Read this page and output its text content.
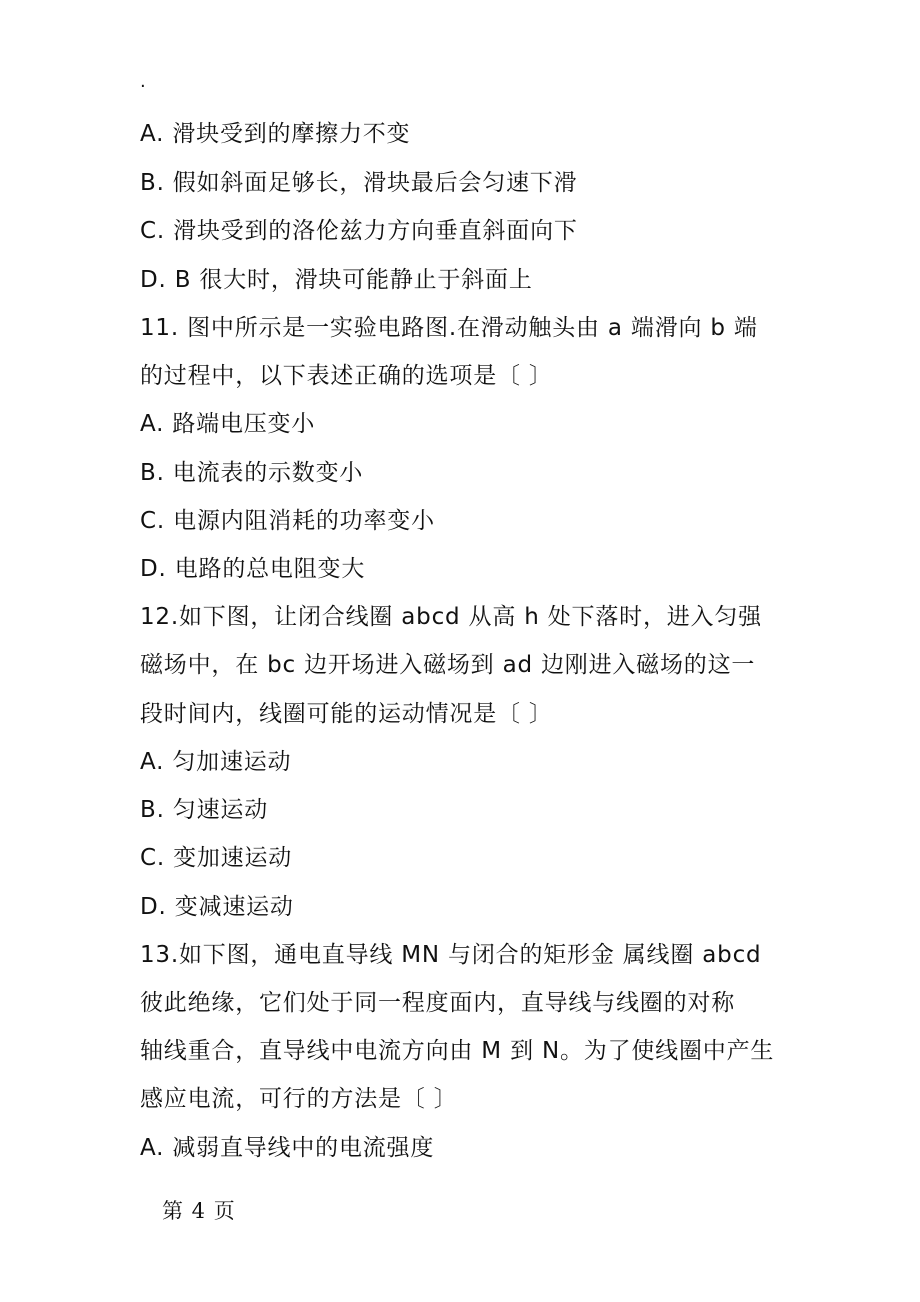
.
A. 滑块受到的摩擦力不变
B. 假如斜面足够长，滑块最后会匀速下滑
C. 滑块受到的洛伦兹力方向垂直斜面向下
D. B 很大时，滑块可能静止于斜面上
11. 图中所示是一实验电路图.在滑动触头由 a 端滑向 b 端
的过程中，以下表述正确的选项是〔 〕
A. 路端电压变小
B. 电流表的示数变小
C. 电源内阻消耗的功率变小
D. 电路的总电阻变大
12.如下图，让闭合线圈 abcd 从高 h 处下落时，进入匀强
磁场中，在 bc 边开场进入磁场到 ad 边刚进入磁场的这一
段时间内，线圈可能的运动情况是〔 〕
A. 匀加速运动
B. 匀速运动
C. 变加速运动
D. 变减速运动
13.如下图，通电直导线 MN 与闭合的矩形金 属线圈 abcd
彼此绝缘，它们处于同一程度面内，直导线与线圈的对称
轴线重合，直导线中电流方向由 M 到 N。为了使线圈中产生
感应电流，可行的方法是〔 〕
A. 减弱直导线中的电流强度
第 4 页
